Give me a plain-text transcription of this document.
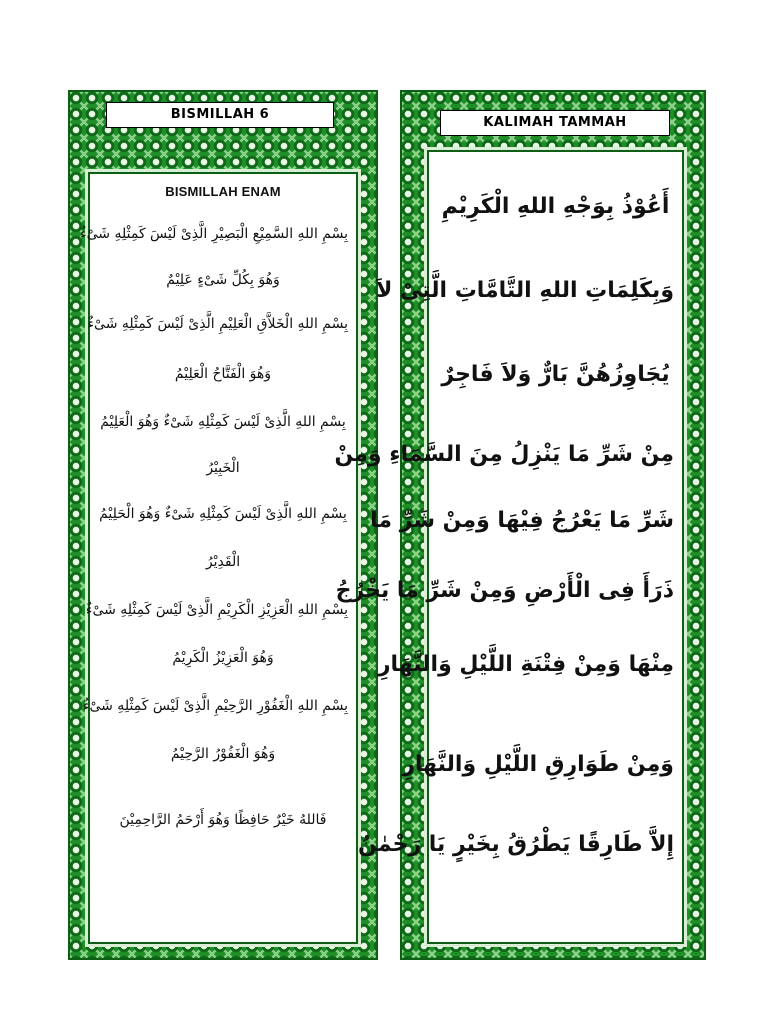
BISMILLAH 6
BISMILLAH ENAM
بِسْمِ اللهِ السَّمِيْعِ الْبَصِيْرِ الَّذِىْ لَيْسَ كَمِثْلِهِ شَىْءٌ
وَهُوَ بِكُلِّ شَىْءٍ عَلِيْمٌ
بِسْمِ اللهِ الْخَلاَّقِ الْعَلِيْمِ الَّذِىْ لَيْسَ كَمِثْلِهِ شَىْءٌ
وَهُوَ الْفَتَّاحُ الْعَلِيْمُ
بِسْمِ اللهِ الَّذِىْ لَيْسَ كَمِثْلِهِ شَىْءٌ وَهُوَ الْعَلِيْمُ
الْخَبِيْرُ
بِسْمِ اللهِ الَّذِىْ لَيْسَ كَمِثْلِهِ شَىْءٌ وَهُوَ الْحَلِيْمُ
الْقَدِيْرُ
بِسْمِ اللهِ الْعَزِيْزِ الْكَرِيْمِ الَّذِىْ لَيْسَ كَمِثْلِهِ شَىْءٌ
وَهُوَ الْعَزِيْزُ الْكَرِيْمُ
بِسْمِ اللهِ الْغَفُوْرِ الرَّحِيْمِ الَّذِىْ لَيْسَ كَمِثْلِهِ شَىْءٌ
وَهُوَ الْغَفُوْرُ الرَّحِيْمُ
فَاللهُ خَيْرٌ حَافِظًا وَهُوَ أَرْحَمُ الرَّاحِمِيْنَ
KALIMAH TAMMAH
أَعُوْذُ بِوَجْهِ اللهِ الْكَرِيْمِ
وَبِكَلِمَاتِ اللهِ التَّامَّاتِ الَّتِىْ لاَ
يُجَاوِزُهُنَّ بَارٌّ وَلاَ فَاجِرٌ
مِنْ شَرِّ مَا يَنْزِلُ مِنَ السَّمَاءِ وَمِنْ
شَرِّ مَا يَعْرُجُ فِيْهَا وَمِنْ شَرِّ مَا
ذَرَأَ فِى الْأَرْضِ وَمِنْ شَرِّ مَا يَخْرُجُ
مِنْهَا وَمِنْ فِتْنَةِ اللَّيْلِ وَالنَّهَارِ
وَمِنْ طَوَارِقِ اللَّيْلِ وَالنَّهَارِ
إِلاَّ طَارِقًا يَطْرُقُ بِخَيْرٍ يَا رَحْمٰنُ
